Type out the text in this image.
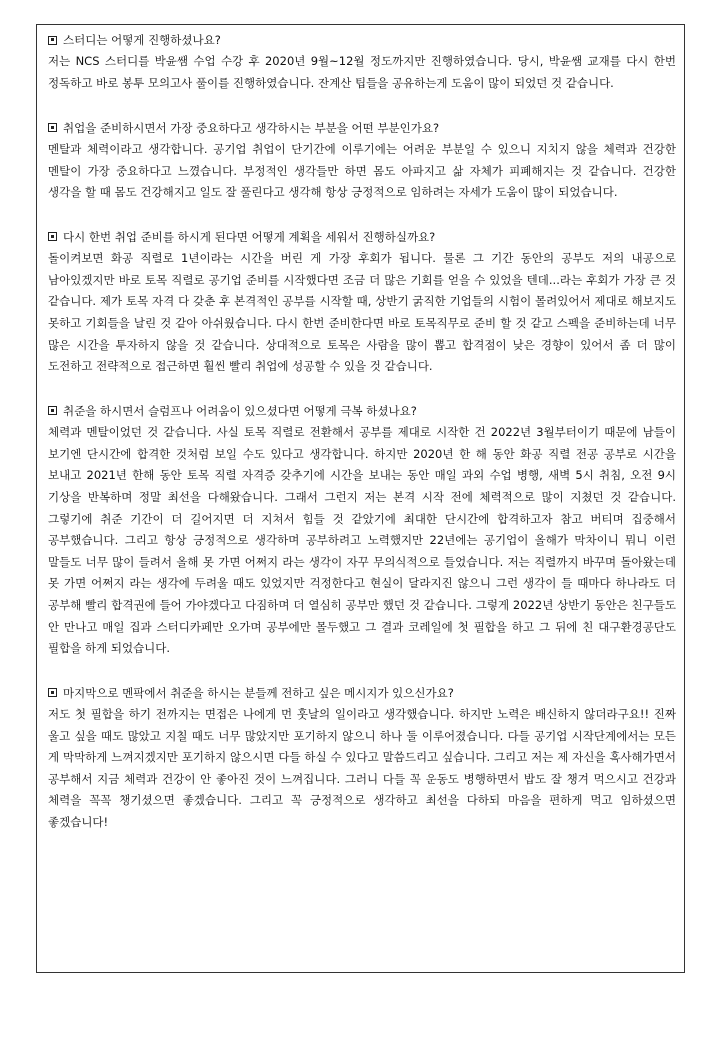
스터디는 어떻게 진행하셨나요?
저는 NCS 스터디를 박윤쌤 수업 수강 후 2020년 9월~12월 정도까지만 진행하였습니다. 당시, 박윤쌤 교재를 다시 한번 정독하고 바로 봉투 모의고사 풀이를 진행하였습니다. 잔계산 팁들을 공유하는게 도움이 많이 되었던 것 같습니다.
취업을 준비하시면서 가장 중요하다고 생각하시는 부분을 어떤 부분인가요?
멘탈과 체력이라고 생각합니다. 공기업 취업이 단기간에 이루기에는 어려운 부분일 수 있으니 지치지 않을 체력과 건강한 멘탈이 가장 중요하다고 느꼈습니다. 부정적인 생각들만 하면 몸도 아파지고 삶 자체가 피폐해지는 것 같습니다. 건강한 생각을 할 때 몸도 건강해지고 일도 잘 풀린다고 생각해 항상 긍정적으로 임하려는 자세가 도움이 많이 되었습니다.
다시 한번 취업 준비를 하시게 된다면 어떻게 계획을 세워서 진행하실까요?
돌이켜보면 화공 직렬로 1년이라는 시간을 버린 게 가장 후회가 됩니다. 물론 그 기간 동안의 공부도 저의 내공으로 남아있겠지만 바로 토목 직렬로 공기업 준비를 시작했다면 조금 더 많은 기회를 얻을 수 있었을 텐데...라는 후회가 가장 큰 것 같습니다. 제가 토목 자격 다 갖춘 후 본격적인 공부를 시작할 때, 상반기 굵직한 기업들의 시험이 몰려있어서 제대로 해보지도 못하고 기회들을 날린 것 같아 아쉬웠습니다. 다시 한번 준비한다면 바로 토목직무로 준비 할 것 같고 스펙을 준비하는데 너무 많은 시간을 투자하지 않을 것 같습니다. 상대적으로 토목은 사람을 많이 뽑고 합격점이 낮은 경향이 있어서 좀 더 많이 도전하고 전략적으로 접근하면 훨씬 빨리 취업에 성공할 수 있을 것 같습니다.
취준을 하시면서 슬럼프나 어려움이 있으셨다면 어떻게 극복 하셨나요?
체력과 멘탈이었던 것 같습니다. 사실 토목 직렬로 전환해서 공부를 제대로 시작한 건 2022년 3월부터이기 때문에 남들이 보기엔 단시간에 합격한 것처럼 보일 수도 있다고 생각합니다. 하지만 2020년 한 해 동안 화공 직렬 전공 공부로 시간을 보내고 2021년 한해 동안 토목 직렬 자격증 갖추기에 시간을 보내는 동안 매일 과외 수업 병행, 새벽 5시 취침, 오전 9시 기상을 반복하며 정말 최선을 다해왔습니다. 그래서 그런지 저는 본격 시작 전에 체력적으로 많이 지쳤던 것 같습니다. 그렇기에 취준 기간이 더 길어지면 더 지쳐서 힘들 것 같았기에 최대한 단시간에 합격하고자 참고 버티며 집중해서 공부했습니다. 그리고 항상 긍정적으로 생각하며 공부하려고 노력했지만 22년에는 공기업이 올해가 막차이니 뭐니 이런 말들도 너무 많이 들려서 올해 못 가면 어쩌지 라는 생각이 자꾸 무의식적으로 들었습니다. 저는 직렬까지 바꾸며 돌아왔는데 못 가면 어쩌지 라는 생각에 두려울 때도 있었지만 걱정한다고 현실이 달라지진 않으니 그런 생각이 들 때마다 하나라도 더 공부해 빨리 합격권에 들어 가야겠다고 다짐하며 더 열심히 공부만 했던 것 같습니다. 그렇게 2022년 상반기 동안은 친구들도 안 만나고 매일 집과 스터디카페만 오가며 공부에만 몰두했고 그 결과 코레일에 첫 필합을 하고 그 뒤에 친 대구환경공단도 필합을 하게 되었습니다.
마지막으로 멘팍에서 취준을 하시는 분들께 전하고 싶은 메시지가 있으신가요?
저도 첫 필합을 하기 전까지는 면접은 나에게 먼 훗날의 일이라고 생각했습니다. 하지만 노력은 배신하지 않더라구요!! 진짜 울고 싶을 때도 많았고 지칠 때도 너무 많았지만 포기하지 않으니 하나 둘 이루어졌습니다. 다들 공기업 시작단계에서는 모든 게 막막하게 느껴지겠지만 포기하지 않으시면 다들 하실 수 있다고 말씀드리고 싶습니다. 그리고 저는 제 자신을 혹사해가면서 공부해서 지금 체력과 건강이 안 좋아진 것이 느껴집니다. 그러니 다들 꼭 운동도 병행하면서 밥도 잘 챙겨 먹으시고 건강과 체력을 꼭꼭 챙기셨으면 좋겠습니다. 그리고 꼭 긍정적으로 생각하고 최선을 다하되 마음을 편하게 먹고 임하셨으면 좋겠습니다!
